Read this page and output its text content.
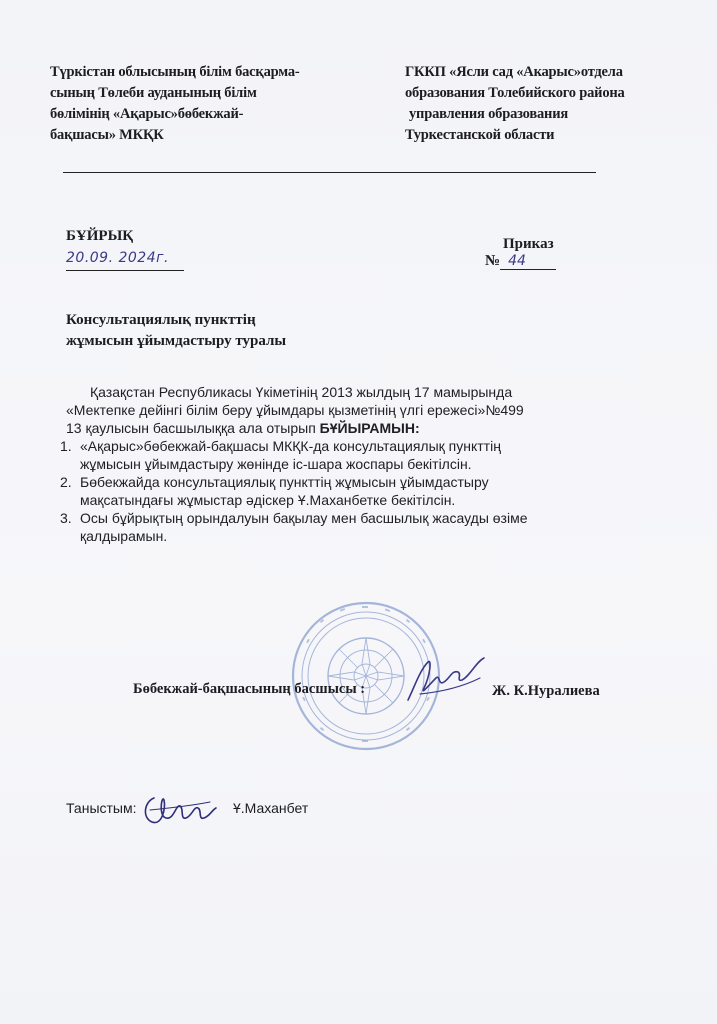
Түркістан облысының білім басқарма-
сының Төлеби ауданының білім
бөлімінің «Ақарыс»бөбекжай-
бақшасы» МКҚК
ГККП «Ясли сад «Акарыс»отдела
образования Толебийского района
управления образования
Туркестанской области
БҰЙРЫҚ	Приказ
20.09. 2024г.	№ 44
Консультациялық пункттің
жұмысын ұйымдастыру туралы

Қазақстан Республикасы Үкіметінің 2013 жылдың 17 мамырында

«Мектепке дейінгі білім беру ұйымдары қызметінің үлгі ережесі»№499

13 қаулысын басшылыққа ала отырып БҰЙЫРАМЫН:

1. «Ақарыс»бөбекжай-бақшасы МКҚК-да консультациялық пункттің
жұмысын ұйымдастыру жөнінде іс-шара жоспары бекітілсін.
2. Бөбекжайда консультациялық пункттің жұмысын ұйымдастыру
мақсатындағы жұмыстар әдіскер Ұ.Маханбетке бекітілсін.
3. Осы бұйрықтың орындалуын бақылау мен басшылық жасауды өзіме
қалдырамын.
Бөбекжай-бақшасының басшысы :	Ж. К.Нуралиева
Таныстым:	Ұ.Маханбет
